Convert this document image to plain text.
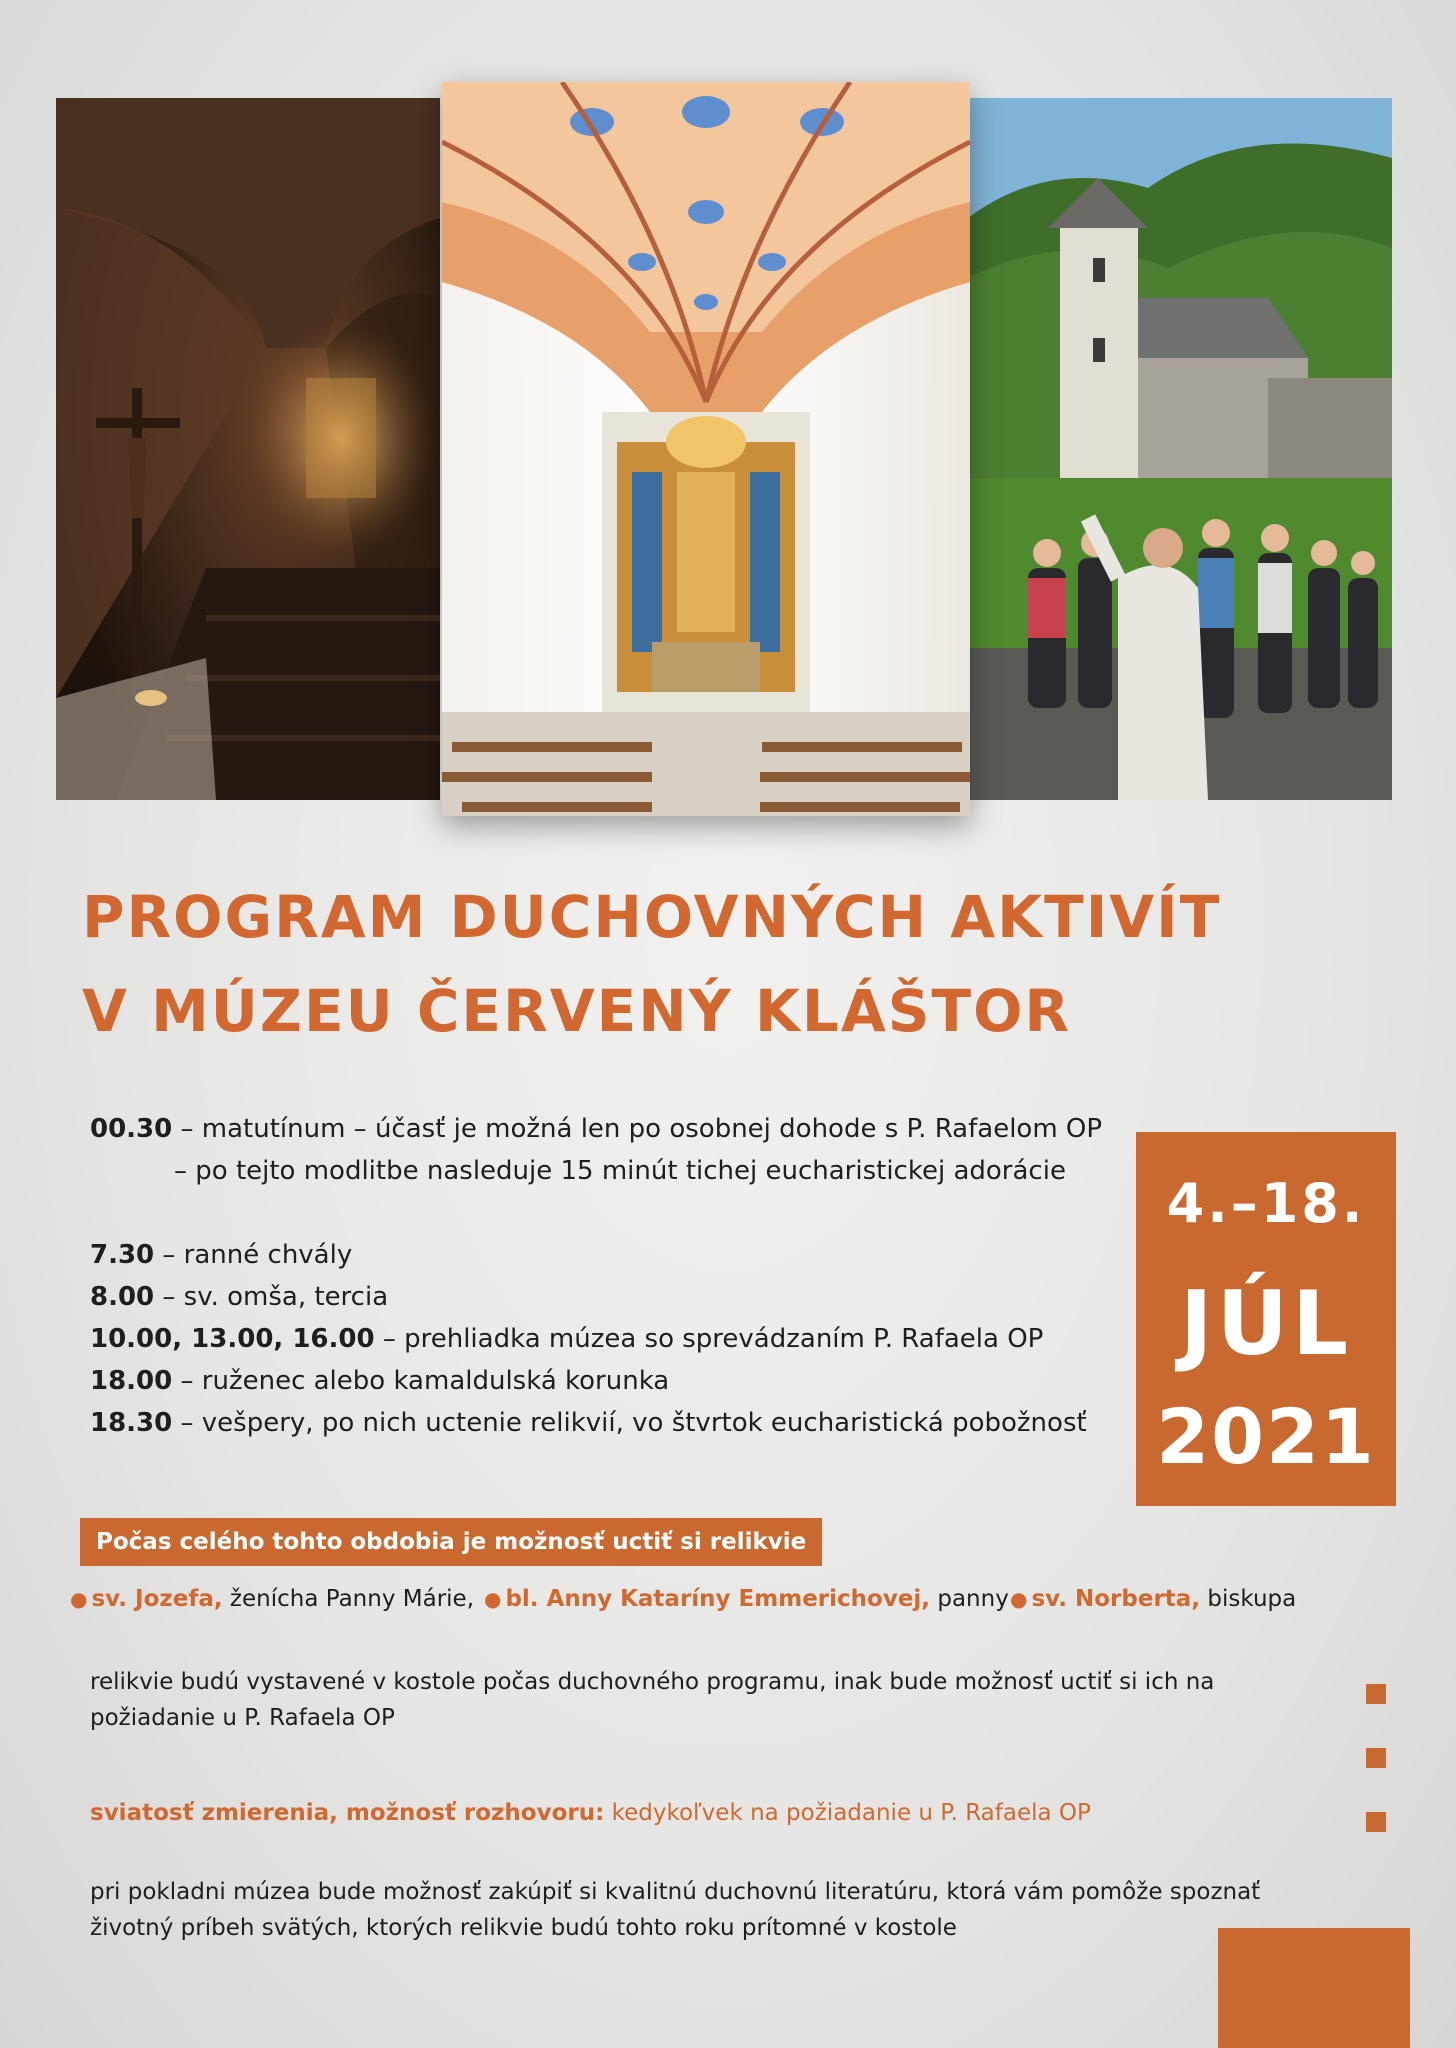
PROGRAM DUCHOVNÝCH AKTIVÍT
V MÚZEU ČERVENÝ KLÁŠTOR
00.30 – matutínum – účasť je možná len po osobnej dohode s P. Rafaelom OP
– po tejto modlitbe nasleduje 15 minút tichej eucharistickej adorácie
7.30 – ranné chvály
8.00 – sv. omša, tercia
10.00, 13.00, 16.00 – prehliadka múzea so sprevádzaním P. Rafaela OP
18.00 – ruženec alebo kamaldulská korunka
18.30 – vešpery, po nich uctenie relikvií, vo štvrtok eucharistická pobožnosť
4.–18.
JÚL
2021
Počas celého tohto obdobia je možnosť uctiť si relikvie
● sv. Jozefa, ženícha Panny Márie, ● bl. Anny Kataríny Emmerichovej, panny ● sv. Norberta, biskupa
relikvie budú vystavené v kostole počas duchovného programu, inak bude možnosť uctiť si ich na požiadanie u P. Rafaela OP
sviatosť zmierenia, možnosť rozhovoru: kedykoľvek na požiadanie u P. Rafaela OP
pri pokladni múzea bude možnosť zakúpiť si kvalitnú duchovnú literatúru, ktorá vám pomôže spoznať životný príbeh svätých, ktorých relikvie budú tohto roku prítomné v kostole
